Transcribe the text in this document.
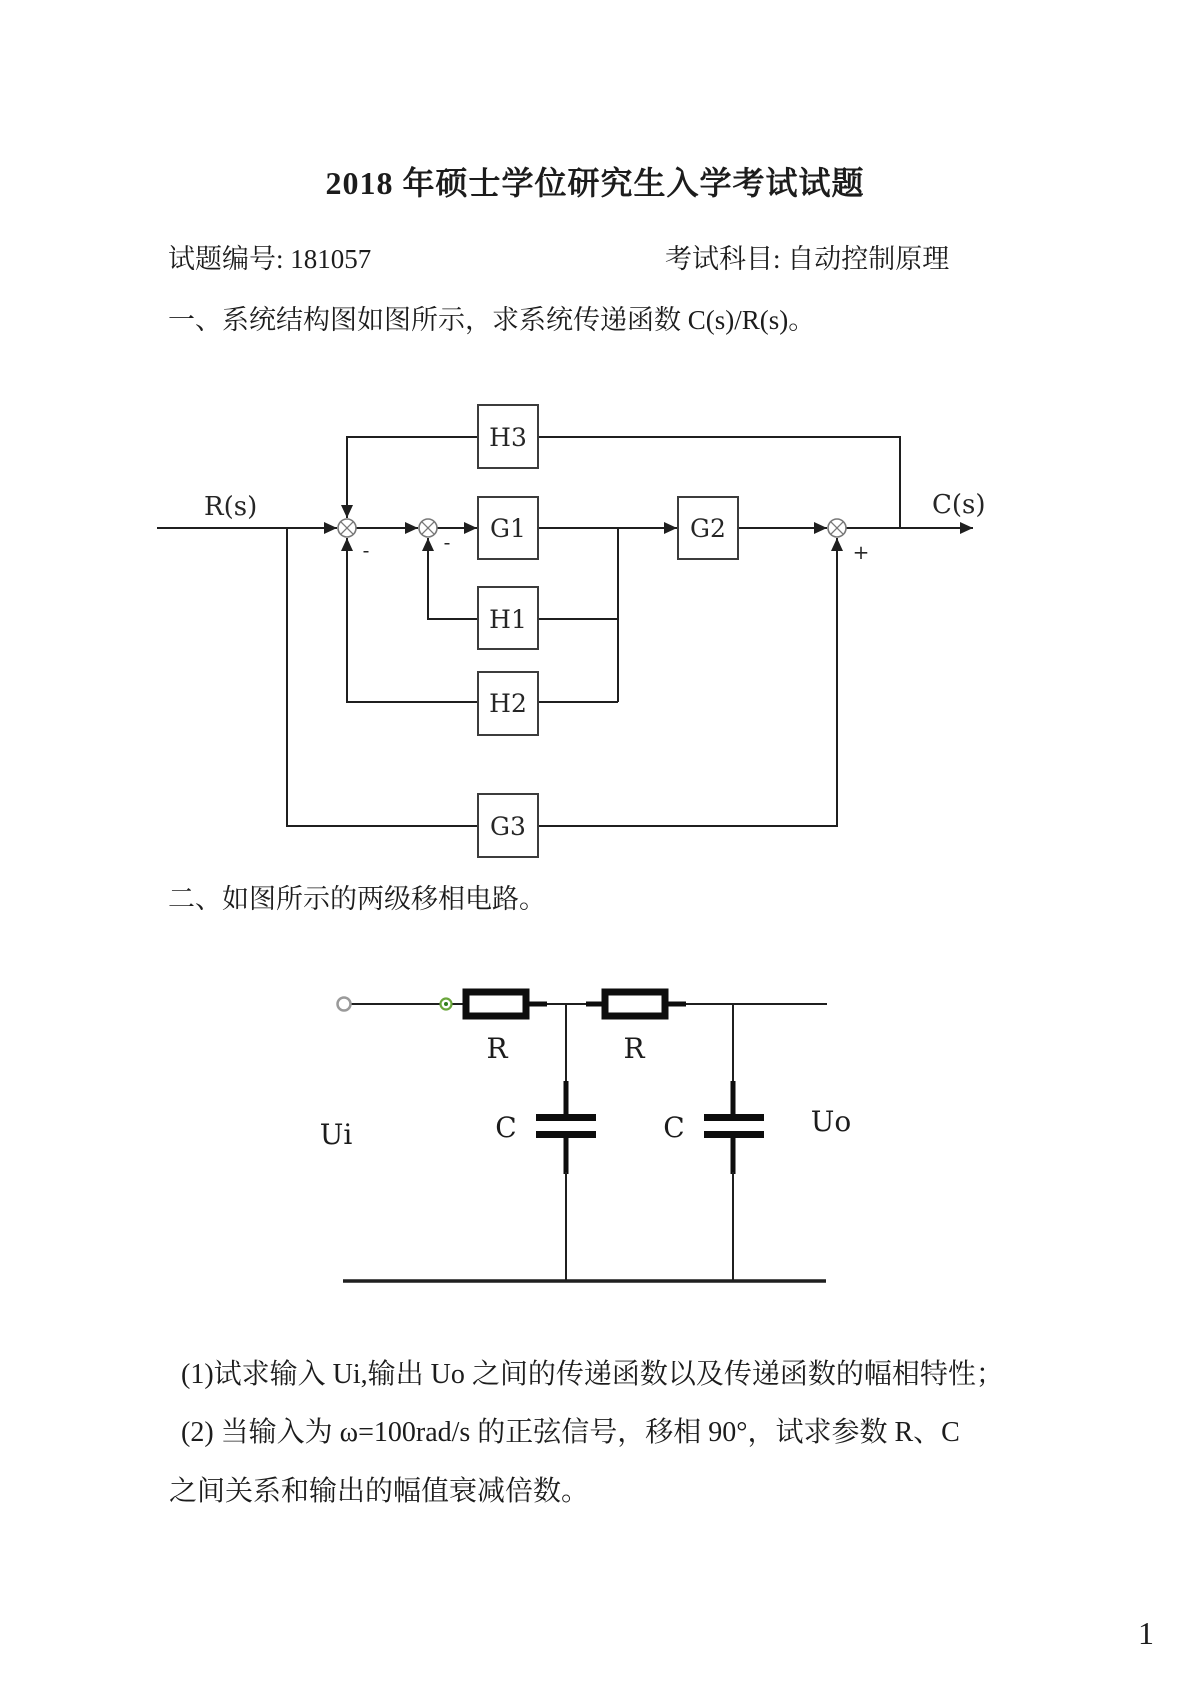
2018 年硕士学位研究生入学考试试题
试题编号: 181057	考试科目: 自动控制原理
一、系统结构图如图所示，求系统传递函数 C(s)/R(s)。
H3
G1	G2
H1
H2
G3
-	-	+
R(s)	C(s)
二、如图所示的两级移相电路。
R	R
C	C
Ui	Uo
(1)试求输入 Ui,输出 Uo 之间的传递函数以及传递函数的幅相特性；
(2) 当输入为 ω=100rad/s 的正弦信号，移相 90°，试求参数 R、C
之间关系和输出的幅值衰减倍数。
1
